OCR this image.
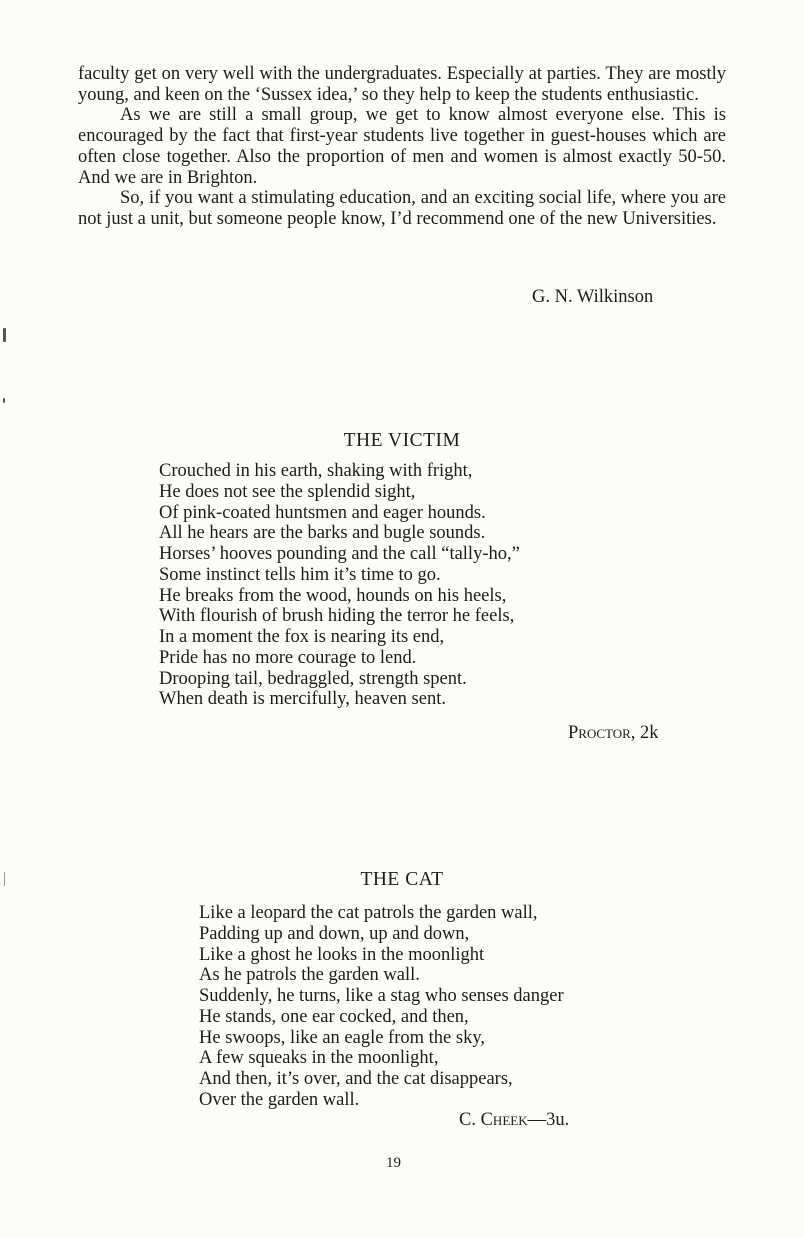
faculty get on very well with the undergraduates. Especially at parties. They are mostly young, and keen on the ‘Sussex idea,’ so they help to keep the students enthusiastic.

As we are still a small group, we get to know almost everyone else. This is encouraged by the fact that first-year students live together in guest-houses which are often close together. Also the proportion of men and women is almost exactly 50-50. And we are in Brighton.

So, if you want a stimulating education, and an exciting social life, where you are not just a unit, but someone people know, I’d recommend one of the new Universities.

G. N. Wilkinson
THE VICTIM
Crouched in his earth, shaking with fright,
He does not see the splendid sight,
Of pink-coated huntsmen and eager hounds.
All he hears are the barks and bugle sounds.
Horses’ hooves pounding and the call “tally-ho,”
Some instinct tells him it’s time to go.
He breaks from the wood, hounds on his heels,
With flourish of brush hiding the terror he feels,
In a moment the fox is nearing its end,
Pride has no more courage to lend.
Drooping tail, bedraggled, strength spent.
When death is mercifully, heaven sent.
Proctor, 2k
THE CAT
Like a leopard the cat patrols the garden wall,
Padding up and down, up and down,
Like a ghost he looks in the moonlight
As he patrols the garden wall.
Suddenly, he turns, like a stag who senses danger
He stands, one ear cocked, and then,
He swoops, like an eagle from the sky,
A few squeaks in the moonlight,
And then, it’s over, and the cat disappears,
Over the garden wall.
C. Cheek—3u.
19
